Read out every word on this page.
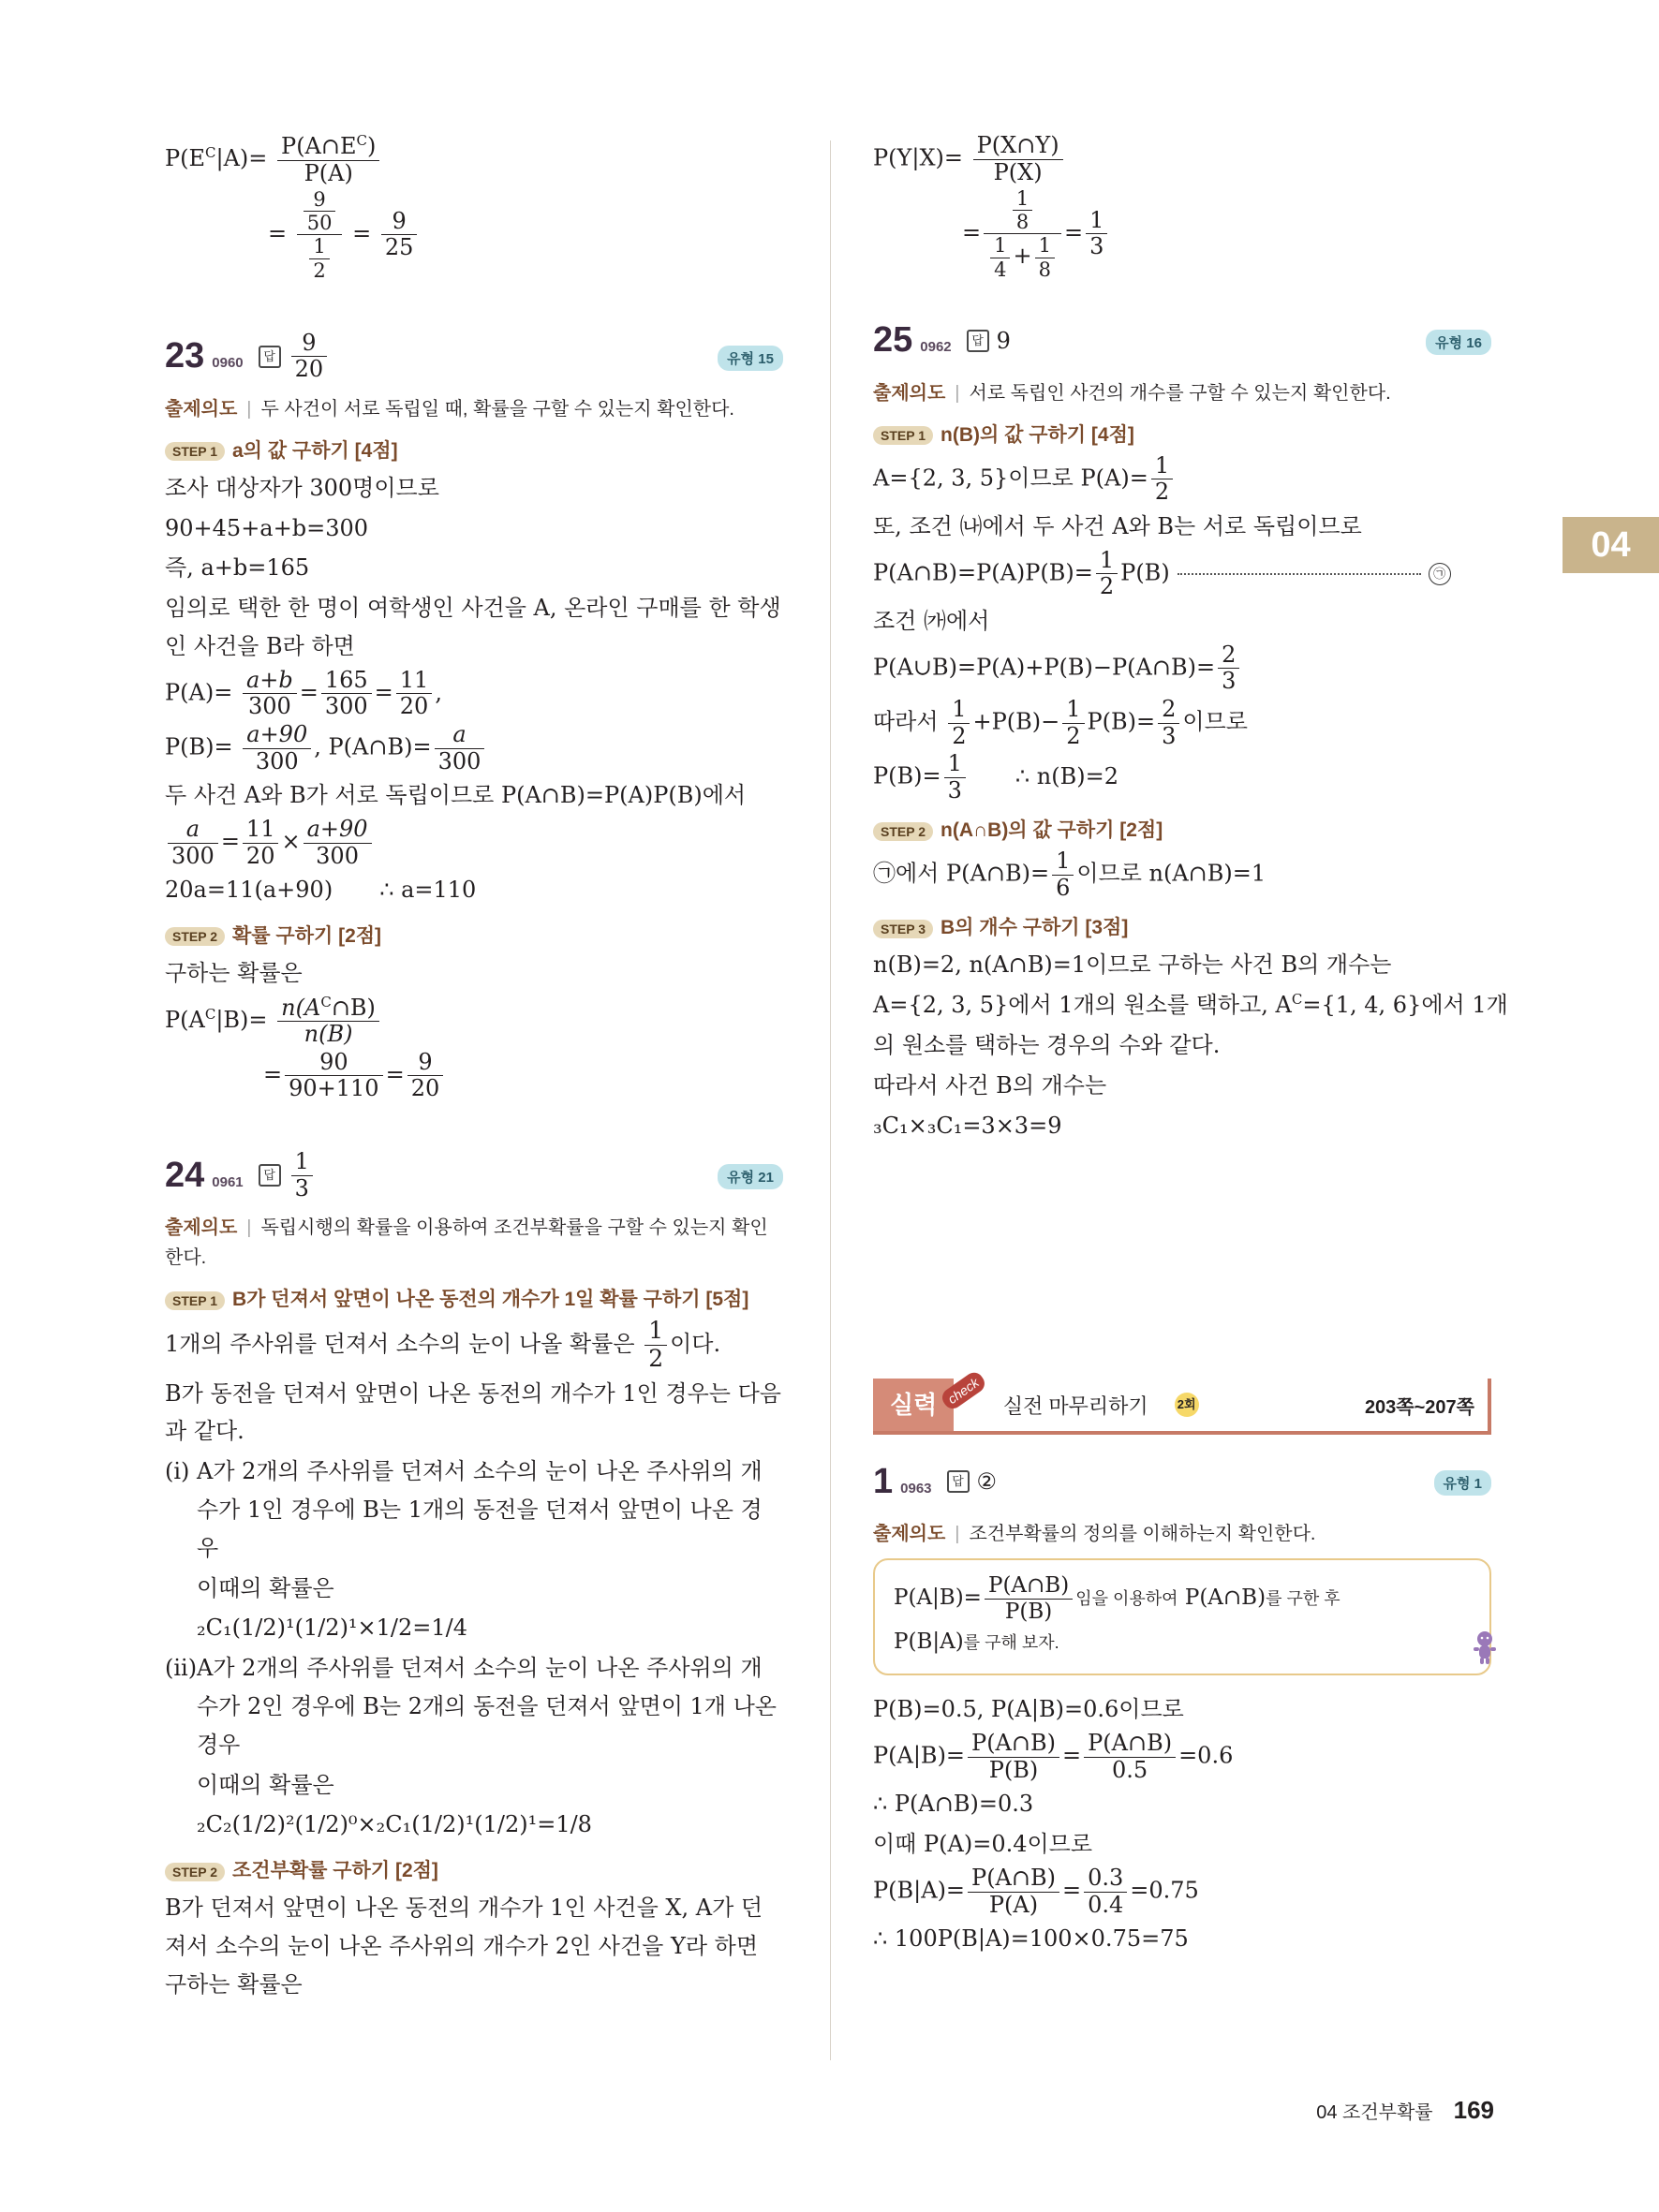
04
$P(E^C|A)= \frac{P(A\cap E^C)}{P(A)}$
= $\frac{\frac{9}{50}}{\frac{1}{2}} = \frac{9}{25}$
23 0960	답 $\frac{9}{20}$	유형 15
출제의도 | 두 사건이 서로 독립일 때, 확률을 구할 수 있는지 확인한다.
STEP 1 a의 값 구하기 [4점]
조사 대상자가 300명이므로
90+45+a+b=300
즉, a+b=165
임의로 택한 한 명이 여학생인 사건을 A, 온라인 구매를 한 학생인 사건을 B라 하면
$P(A)= \frac{a+b}{300} = \frac{165}{300} = \frac{11}{20}$ ,
$P(B)= \frac{a+90}{300}$ , P(A∩B)= $\frac{a}{300}$
두 사건 A와 B가 서로 독립이므로 P(A∩B)=P(A)P(B)에서
$\frac{a}{300} = \frac{11}{20} \times \frac{a+90}{300}$
20a=11(a+90) ∴ a=110
STEP 2 확률 구하기 [2점]
구하는 확률은
$P(A^C|B)= \frac{n(A^C\cap B)}{n(B)}$
= $\frac{90}{90+110} = \frac{9}{20}$
24 0961	답 $\frac{1}{3}$	유형 21
출제의도 | 독립시행의 확률을 이용하여 조건부확률을 구할 수 있는지 확인한다.
STEP 1 B가 던져서 앞면이 나온 동전의 개수가 1일 확률 구하기 [5점]
1개의 주사위를 던져서 소수의 눈이 나올 확률은 $\frac{1}{2}$ 이다.
B가 동전을 던져서 앞면이 나온 동전의 개수가 1인 경우는 다음과 같다.
(i) A가 2개의 주사위를 던져서 소수의 눈이 나온 주사위의 개수가 1인 경우에 B는 1개의 동전을 던져서 앞면이 나온 경우
이때의 확률은
₂C₁(1/2)¹(1/2)¹×1/2=1/4
(ii) A가 2개의 주사위를 던져서 소수의 눈이 나온 주사위의 개수가 2인 경우에 B는 2개의 동전을 던져서 앞면이 1개 나온 경우
이때의 확률은
₂C₂(1/2)²(1/2)⁰×₂C₁(1/2)¹(1/2)¹=1/8
STEP 2 조건부확률 구하기 [2점]
B가 던져서 앞면이 나온 동전의 개수가 1인 사건을 X, A가 던져서 소수의 눈이 나온 주사위의 개수가 2인 사건을 Y라 하면 구하는 확률은
$P(Y|X)= \frac{P(X\cap Y)}{P(X)}$
= $\frac{\frac{1}{8}}{\frac{1}{4} + \frac{1}{8}} = \frac{1}{3}$
25 0962	답 9	유형 16
출제의도 | 서로 독립인 사건의 개수를 구할 수 있는지 확인한다.
STEP 1 n(B)의 값 구하기 [4점]
A={2, 3, 5}이므로 $P(A)= \frac{1}{2}$
또, 조건 ㈏에서 두 사건 A와 B는 서로 독립이므로
P(A∩B)=P(A)P(B)= $\frac{1}{2} P(B)$	㉠
조건 ㈎에서
P(A∪B)=P(A)+P(B)−P(A∩B)= $\frac{2}{3}$
따라서 $\frac{1}{2} +P(B)- \frac{1}{2} P(B)= \frac{2}{3}$ 이므로
$P(B)= \frac{1}{3}$ ∴ n(B)=2
STEP 2 n(A∩B)의 값 구하기 [2점]
㉠에서 P(A∩B)= $\frac{1}{6}$ 이므로 n(A∩B)=1
STEP 3 B의 개수 구하기 [3점]
n(B)=2, n(A∩B)=1이므로 구하는 사건 B의 개수는
A={2, 3, 5}에서 1개의 원소를 택하고, $A^C=\{1$, 4, 6}에서 1개
의 원소를 택하는 경우의 수와 같다.
따라서 사건 B의 개수는
₃C₁×₃C₁=3×3=9
실력 check	실전 마무리하기 2회	203쪽~207쪽
1 0963	답 ②	유형 1
출제의도 | 조건부확률의 정의를 이해하는지 확인한다.
$P(A|B)= \frac{P(A\cap B)}{P(B)}$ 임을 이용하여 P(A∩B)를 구한 후
P(B|A)를 구해 보자.
P(B)=0.5, P(A|B)=0.6이므로
$P(A|B)= \frac{P(A\cap B)}{P(B)} = \frac{P(A\cap B)}{0.5} =0.6$
∴ P(A∩B)=0.3
이때 P(A)=0.4이므로
$P(B|A)= \frac{P(A\cap B)}{P(A)} = \frac{0.3}{0.4} =0.75$
∴ 100P(B|A)=100×0.75=75
04 조건부확률 169
